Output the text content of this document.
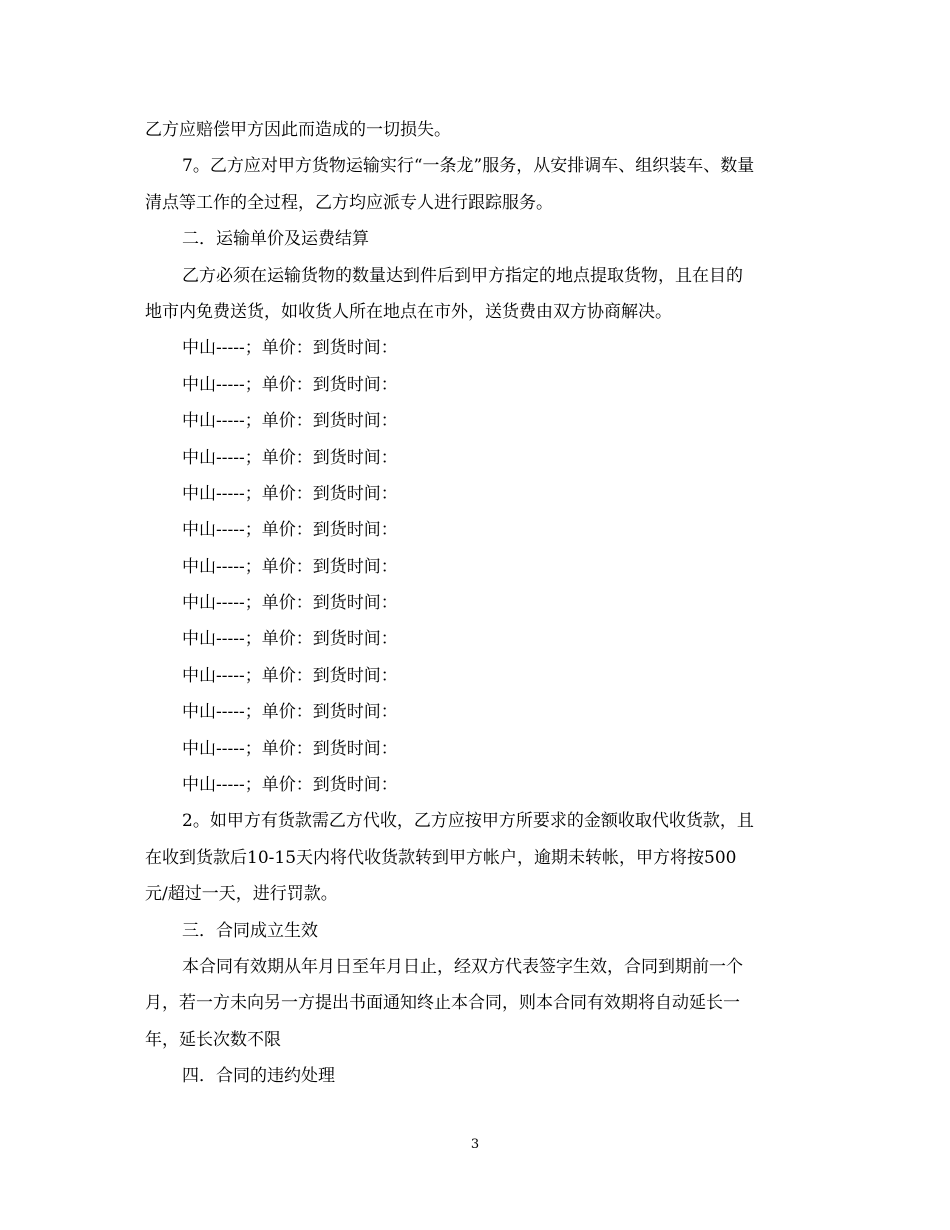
乙方应赔偿甲方因此而造成的一切损失。
7。乙方应对甲方货物运输实行“一条龙”服务，从安排调车、组织装车、数量
清点等工作的全过程，乙方均应派专人进行跟踪服务。
二．运输单价及运费结算
乙方必须在运输货物的数量达到件后到甲方指定的地点提取货物，且在目的
地市内免费送货，如收货人所在地点在市外，送货费由双方协商解决。
中山-----；单价：到货时间：
中山-----；单价：到货时间：
中山-----；单价：到货时间：
中山-----；单价：到货时间：
中山-----；单价：到货时间：
中山-----；单价：到货时间：
中山-----；单价：到货时间：
中山-----；单价：到货时间：
中山-----；单价：到货时间：
中山-----；单价：到货时间：
中山-----；单价：到货时间：
中山-----；单价：到货时间：
中山-----；单价：到货时间：
2。如甲方有货款需乙方代收，乙方应按甲方所要求的金额收取代收货款，且
在收到货款后10-15天内将代收货款转到甲方帐户，逾期未转帐，甲方将按500
元/超过一天，进行罚款。
三．合同成立生效
本合同有效期从年月日至年月日止，经双方代表签字生效，合同到期前一个
月，若一方未向另一方提出书面通知终止本合同，则本合同有效期将自动延长一
年，延长次数不限
四．合同的违约处理
3
